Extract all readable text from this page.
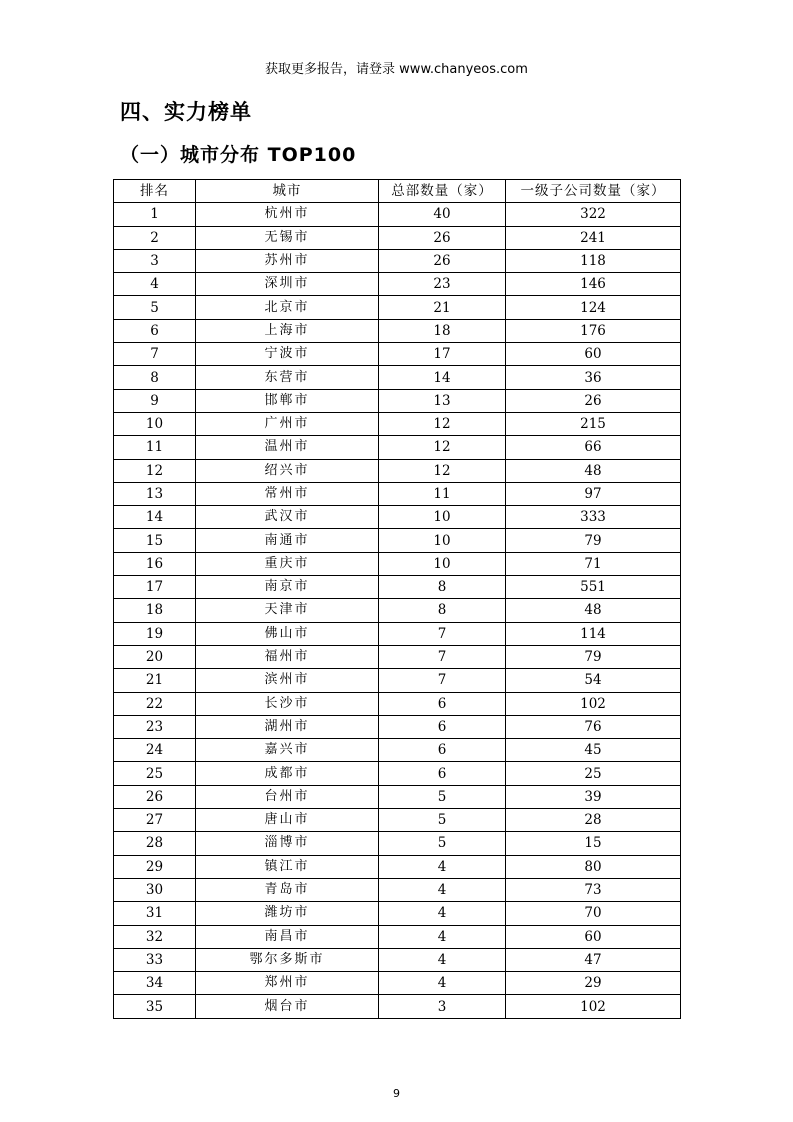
获取更多报告，请登录 www.chanyeos.com
四、实力榜单
（一）城市分布 TOP100
排名	城市	总部数量（家）	一级子公司数量（家）
1	杭州市	40	322
2	无锡市	26	241
3	苏州市	26	118
4	深圳市	23	146
5	北京市	21	124
6	上海市	18	176
7	宁波市	17	60
8	东营市	14	36
9	邯郸市	13	26
10	广州市	12	215
11	温州市	12	66
12	绍兴市	12	48
13	常州市	11	97
14	武汉市	10	333
15	南通市	10	79
16	重庆市	10	71
17	南京市	8	551
18	天津市	8	48
19	佛山市	7	114
20	福州市	7	79
21	滨州市	7	54
22	长沙市	6	102
23	湖州市	6	76
24	嘉兴市	6	45
25	成都市	6	25
26	台州市	5	39
27	唐山市	5	28
28	淄博市	5	15
29	镇江市	4	80
30	青岛市	4	73
31	潍坊市	4	70
32	南昌市	4	60
33	鄂尔多斯市	4	47
34	郑州市	4	29
35	烟台市	3	102
9
